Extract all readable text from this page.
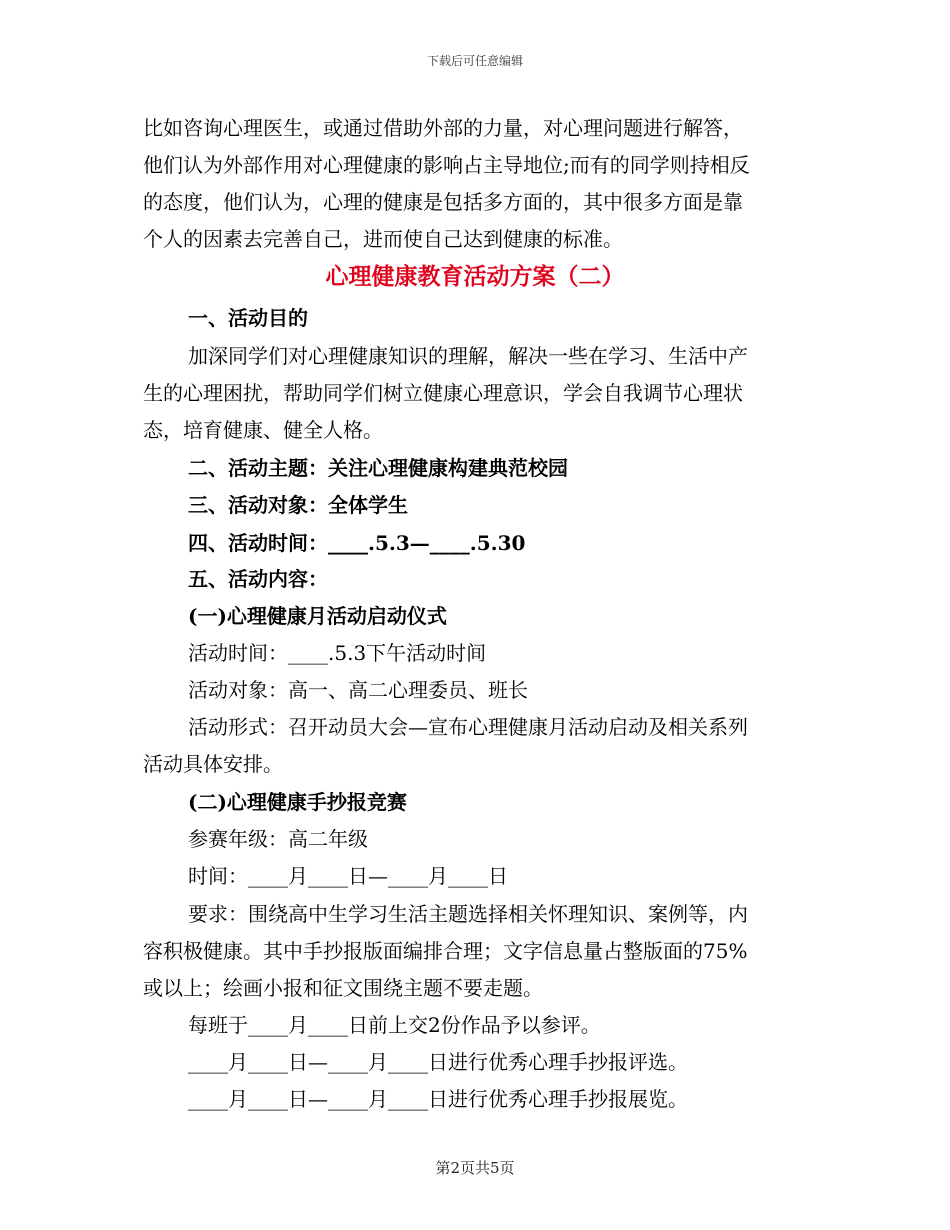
下载后可任意编辑
比如咨询心理医生，或通过借助外部的力量，对心理问题进行解答，
他们认为外部作用对心理健康的影响占主导地位;而有的同学则持相反
的态度，他们认为，心理的健康是包括多方面的，其中很多方面是靠
个人的因素去完善自己，进而使自己达到健康的标准。
心理健康教育活动方案（二）
一、活动目的
加深同学们对心理健康知识的理解，解决一些在学习、生活中产
生的心理困扰，帮助同学们树立健康心理意识，学会自我调节心理状
态，培育健康、健全人格。
二、活动主题：关注心理健康构建典范校园
三、活动对象：全体学生
四、活动时间：____.5.3—____.5.30
五、活动内容：
(一)心理健康月活动启动仪式
活动时间：____.5.3下午活动时间
活动对象：高一、高二心理委员、班长
活动形式：召开动员大会—宣布心理健康月活动启动及相关系列
活动具体安排。
(二)心理健康手抄报竞赛
参赛年级：高二年级
时间：____月____日—____月____日
要求：围绕高中生学习生活主题选择相关怀理知识、案例等，内
容积极健康。其中手抄报版面编排合理；文字信息量占整版面的75%
或以上；绘画小报和征文围绕主题不要走题。
每班于____月____日前上交2份作品予以参评。
____月____日—____月____日进行优秀心理手抄报评选。
____月____日—____月____日进行优秀心理手抄报展览。
第2页共5页
